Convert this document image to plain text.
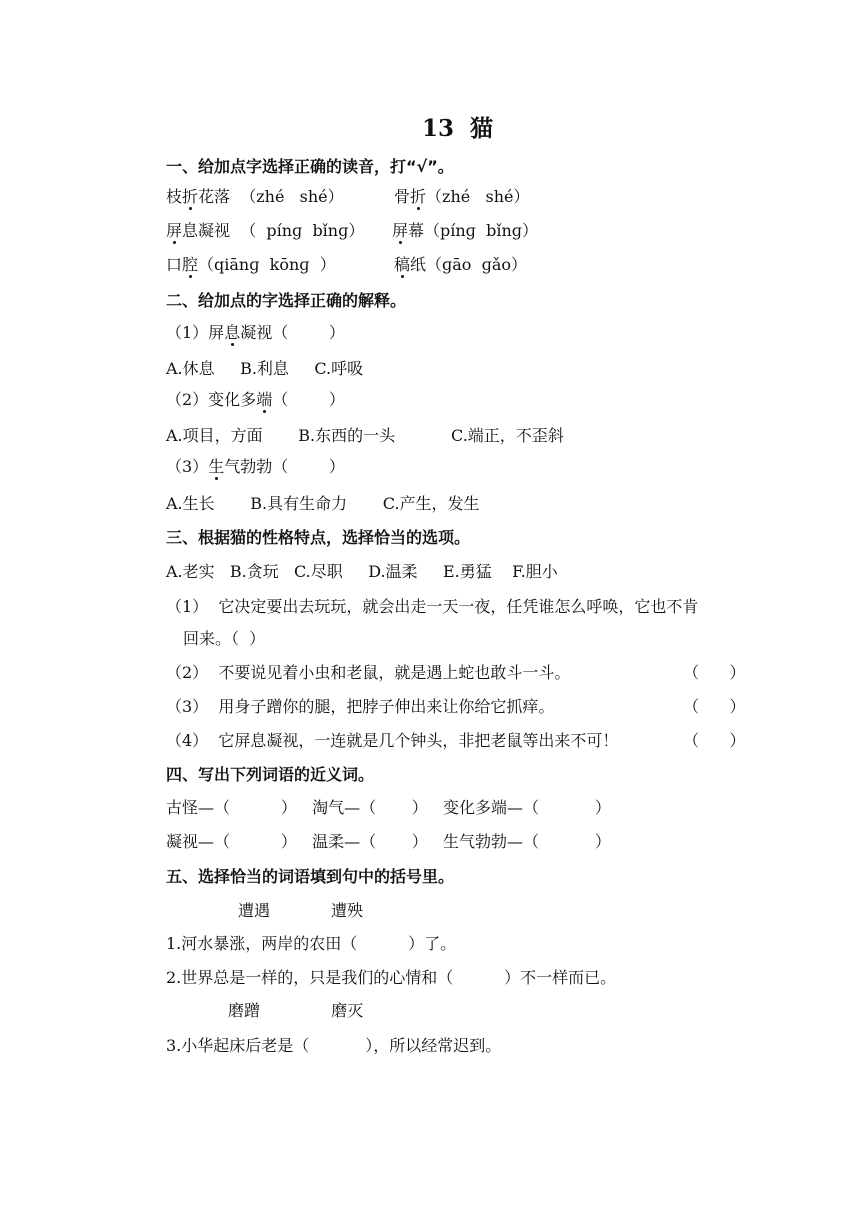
13  猫
一、给加点字选择正确的读音，打“√”。
枝折花落  （zhé   shé）	骨折（zhé   shé）
屏息凝视  （  pínɡ  bǐnɡ） 屏幕（pínɡ  bǐnɡ）
口腔（qiānɡ  kōnɡ  ）	稿纸（ɡāo  ɡǎo）
二、给加点的字选择正确的解释。
（1）屏息凝视（        ）
A.休息     B.利息     C.呼吸
（2）变化多端（        ）
A.项目，方面       B.东西的一头           C.端正，不歪斜
（3）生气勃勃（        ）
A.生长       B.具有生命力       C.产生，发生
三、根据猫的性格特点，选择恰当的选项。
A.老实   B.贪玩   C.尽职     D.温柔     E.勇猛    F.胆小
（1）  它决定要出去玩玩，就会出走一天一夜，任凭谁怎么呼唤，它也不肯
回来。（  ）
（2）  不要说见着小虫和老鼠，就是遇上蛇也敢斗一斗。	（      ）
（3）  用身子蹭你的腿，把脖子伸出来让你给它抓痒。	（      ）
（4）  它屏息凝视，一连就是几个钟头，非把老鼠等出来不可！	（      ）
四、写出下列词语的近义词。
古怪—（          ）   淘气—（       ）   变化多端—（           ）
凝视—（          ）   温柔—（       ）   生气勃勃—（           ）
五、选择恰当的词语填到句中的括号里。
遭遇            遭殃
1.河水暴涨，两岸的农田（          ）了。
2.世界总是一样的，只是我们的心情和（          ）不一样而已。
磨蹭              磨灭
3.小华起床后老是（           ），所以经常迟到。
